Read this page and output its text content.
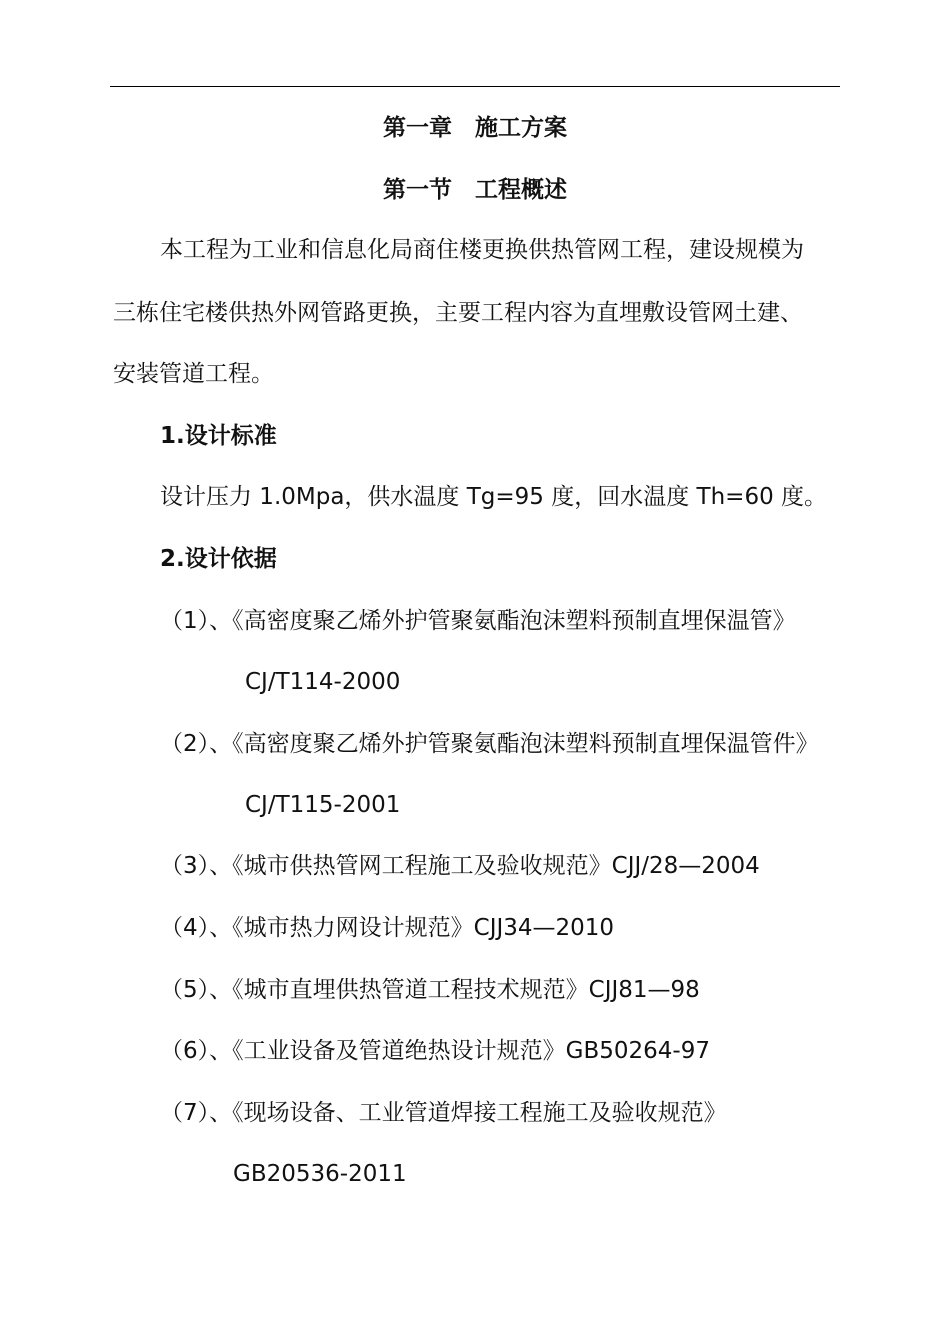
第一章　施工方案
第一节　工程概述
本工程为工业和信息化局商住楼更换供热管网工程，建设规模为
三栋住宅楼供热外网管路更换，主要工程内容为直埋敷设管网土建、
安装管道工程。
1.设计标准
设计压力 1.0Mpa，供水温度 Tg=95 度，回水温度 Th=60 度。
2.设计依据
（1）、《高密度聚乙烯外护管聚氨酯泡沫塑料预制直埋保温管》
CJ/T114-2000
（2）、《高密度聚乙烯外护管聚氨酯泡沫塑料预制直埋保温管件》
CJ/T115-2001
（3）、《城市供热管网工程施工及验收规范》CJJ/28—2004
（4）、《城市热力网设计规范》CJJ34—2010
（5）、《城市直埋供热管道工程技术规范》CJJ81—98
（6）、《工业设备及管道绝热设计规范》GB50264-97
（7）、《现场设备、工业管道焊接工程施工及验收规范》
GB20536-2011
